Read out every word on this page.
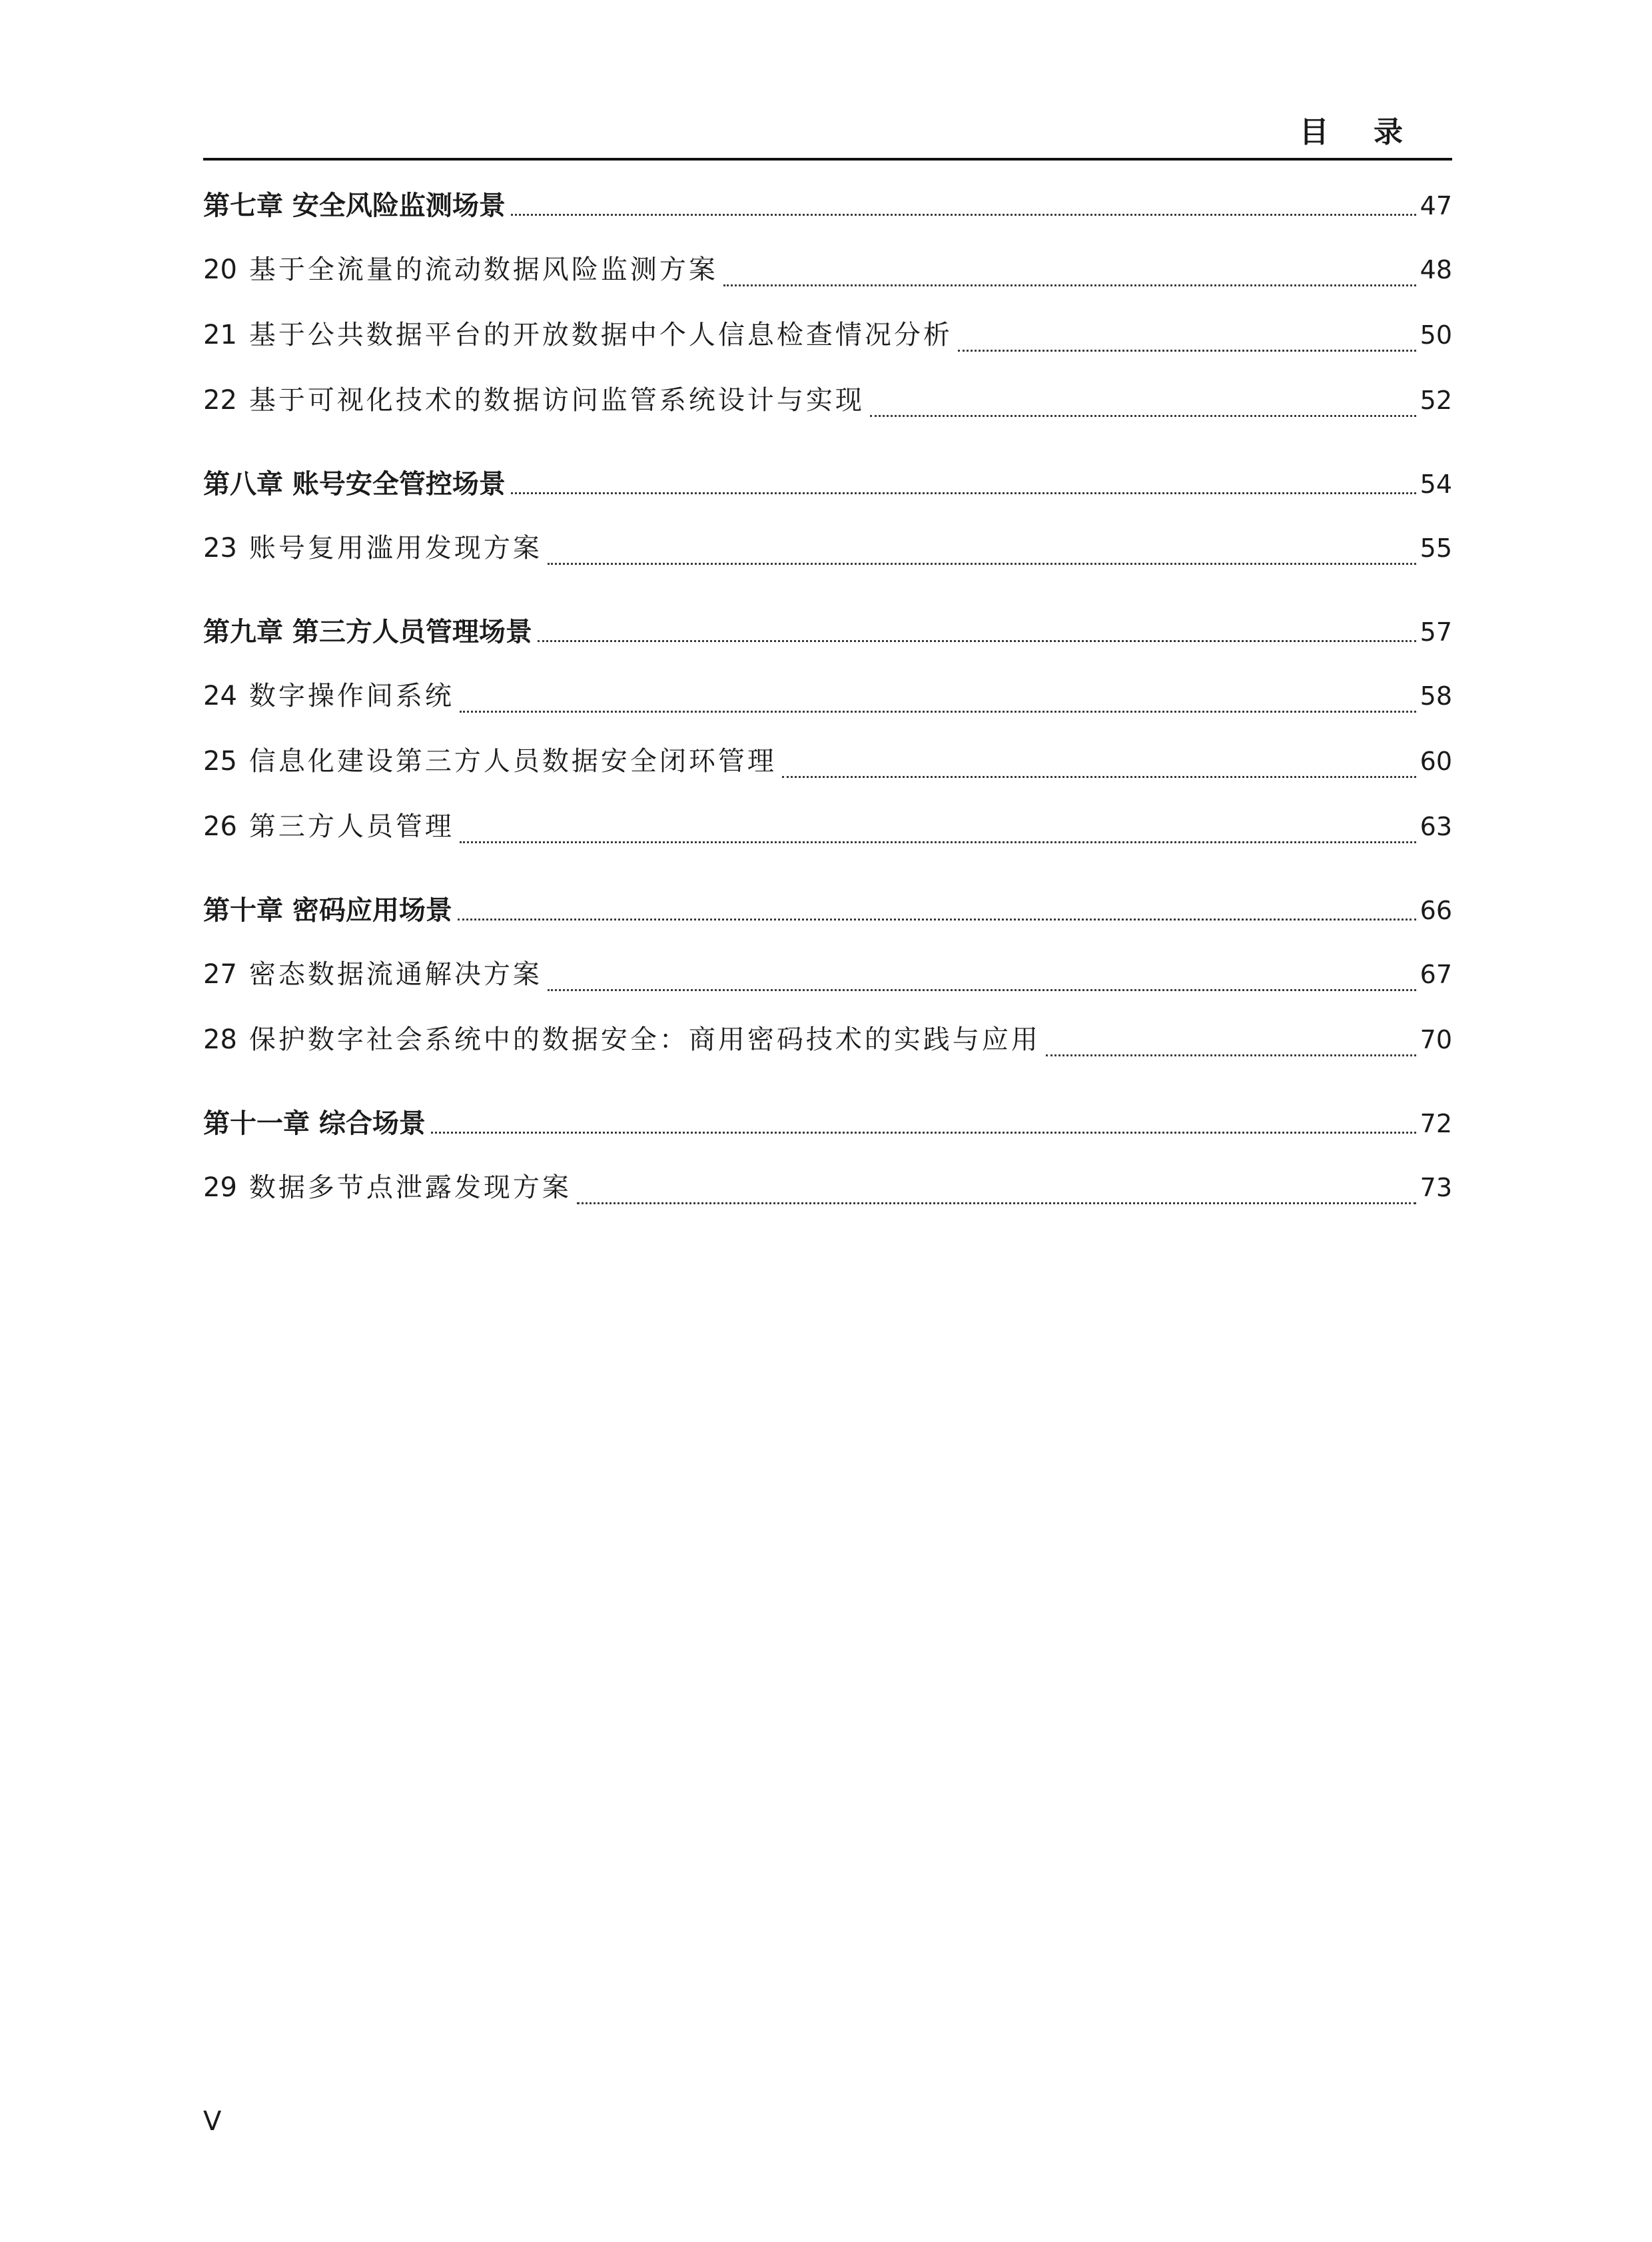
目 录
第七章 安全风险监测场景	47
20 基于全流量的流动数据风险监测方案	48
21 基于公共数据平台的开放数据中个人信息检查情况分析	50
22 基于可视化技术的数据访问监管系统设计与实现	52
第八章 账号安全管控场景	54
23 账号复用滥用发现方案	55
第九章 第三方人员管理场景	57
24 数字操作间系统	58
25 信息化建设第三方人员数据安全闭环管理	60
26 第三方人员管理	63
第十章 密码应用场景	66
27 密态数据流通解决方案	67
28 保护数字社会系统中的数据安全：商用密码技术的实践与应用	70
第十一章 综合场景	72
29 数据多节点泄露发现方案	73
V
